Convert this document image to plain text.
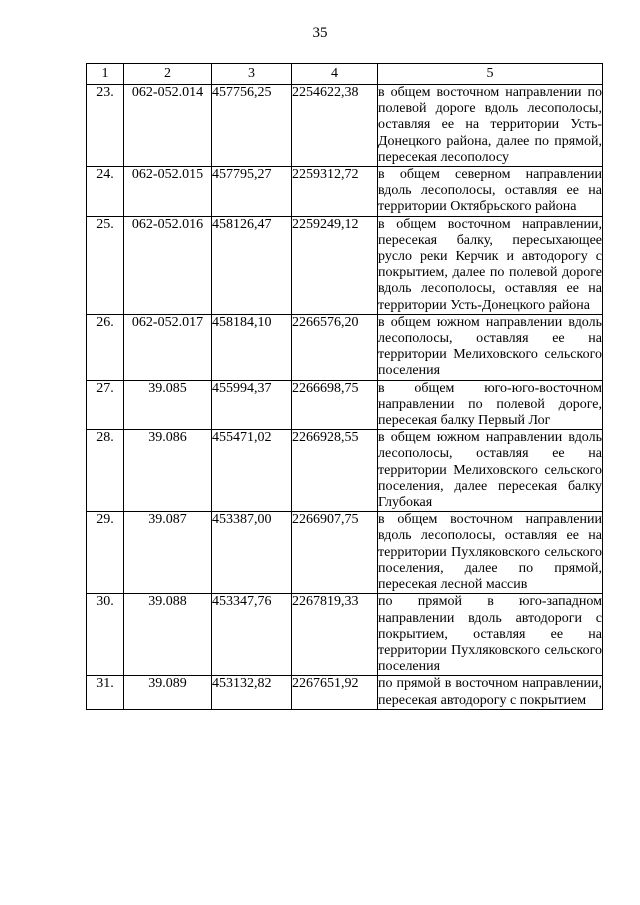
35
1	2	3	4	5
23.	062-052.014	457756,25	2254622,38	в общем восточном направлении по полевой дороге вдоль лесополосы, оставляя ее на территории Усть-Донецкого района, далее по прямой, пересекая лесополосу
24.	062-052.015	457795,27	2259312,72	в общем северном направлении вдоль лесополосы, оставляя ее на территории Октябрьского района
25.	062-052.016	458126,47	2259249,12	в общем восточном направлении, пересекая балку, пересыхающее русло реки Керчик и автодорогу с покрытием, далее по полевой дороге вдоль лесополосы, оставляя ее на территории Усть-Донецкого района
26.	062-052.017	458184,10	2266576,20	в общем южном направлении вдоль лесополосы, оставляя ее на территории Мелиховского сельского поселения
27.	39.085	455994,37	2266698,75	в общем юго-юго-восточном направлении по полевой дороге, пересекая балку Первый Лог
28.	39.086	455471,02	2266928,55	в общем южном направлении вдоль лесополосы, оставляя ее на территории Мелиховского сельского поселения, далее пересекая балку Глубокая
29.	39.087	453387,00	2266907,75	в общем восточном направлении вдоль лесополосы, оставляя ее на территории Пухляковского сельского поселения, далее по прямой, пересекая лесной массив
30.	39.088	453347,76	2267819,33	по прямой в юго-западном направлении вдоль автодороги с покрытием, оставляя ее на территории Пухляковского сельского поселения
31.	39.089	453132,82	2267651,92	по прямой в восточном направлении, пересекая автодорогу с покрытием
